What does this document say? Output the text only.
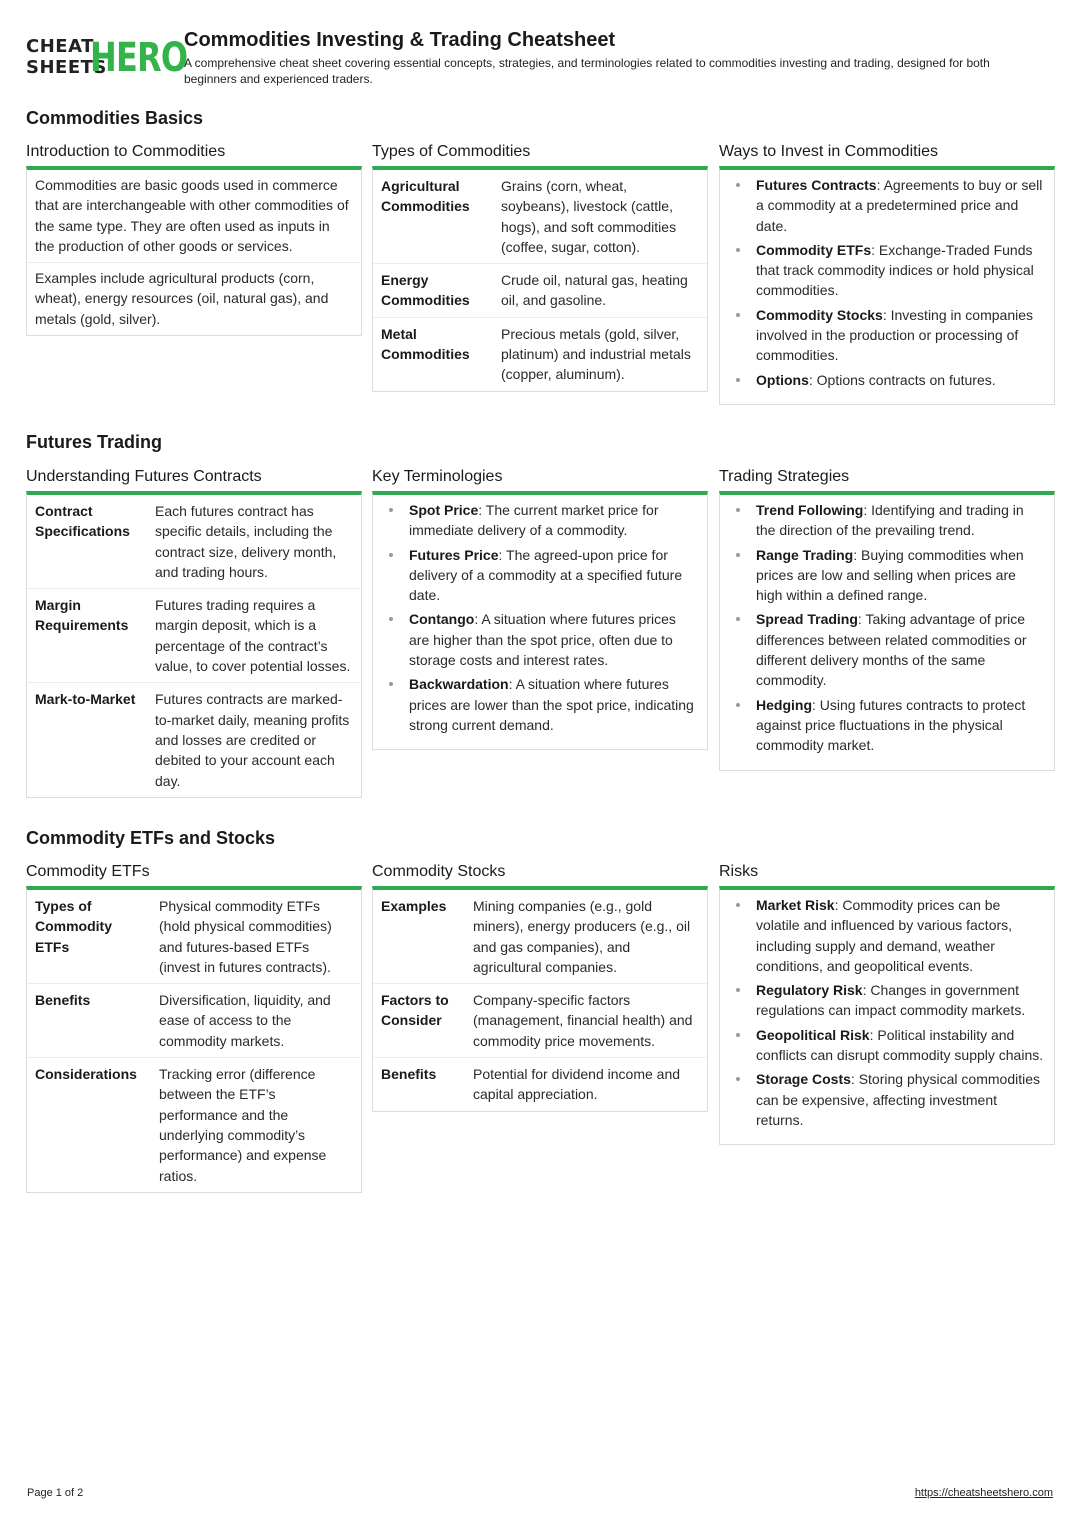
CHEAT
SHEETS
HERO
Commodities Investing & Trading Cheatsheet
A comprehensive cheat sheet covering essential concepts, strategies, and terminologies related to commodities investing and trading, designed for both beginners and experienced traders.
Commodities Basics
Introduction to Commodities
Commodities are basic goods used in commerce that are interchangeable with other commodities of the same type. They are often used as inputs in the production of other goods or services.
Examples include agricultural products (corn, wheat), energy resources (oil, natural gas), and metals (gold, silver).
Types of Commodities
Agricultural Commodities	Grains (corn, wheat, soybeans), livestock (cattle, hogs), and soft commodities (coffee, sugar, cotton).
Energy Commodities	Crude oil, natural gas, heating oil, and gasoline.
Metal Commodities	Precious metals (gold, silver, platinum) and industrial metals (copper, aluminum).
Ways to Invest in Commodities
Futures Contracts: Agreements to buy or sell a commodity at a predetermined price and date.
Commodity ETFs: Exchange-Traded Funds that track commodity indices or hold physical commodities.
Commodity Stocks: Investing in companies involved in the production or processing of commodities.
Options: Options contracts on futures.
Futures Trading
Understanding Futures Contracts
Contract Specifications	Each futures contract has specific details, including the contract size, delivery month, and trading hours.
Margin Requirements	Futures trading requires a margin deposit, which is a percentage of the contract’s value, to cover potential losses.
Mark-to-Market	Futures contracts are marked-to-market daily, meaning profits and losses are credited or debited to your account each day.
Key Terminologies
Spot Price: The current market price for immediate delivery of a commodity.
Futures Price: The agreed-upon price for delivery of a commodity at a specified future date.
Contango: A situation where futures prices are higher than the spot price, often due to storage costs and interest rates.
Backwardation: A situation where futures prices are lower than the spot price, indicating strong current demand.
Trading Strategies
Trend Following: Identifying and trading in the direction of the prevailing trend.
Range Trading: Buying commodities when prices are low and selling when prices are high within a defined range.
Spread Trading: Taking advantage of price differences between related commodities or different delivery months of the same commodity.
Hedging: Using futures contracts to protect against price fluctuations in the physical commodity market.
Commodity ETFs and Stocks
Commodity ETFs
Types of Commodity ETFs	Physical commodity ETFs (hold physical commodities) and futures-based ETFs (invest in futures contracts).
Benefits	Diversification, liquidity, and ease of access to the commodity markets.
Considerations	Tracking error (difference between the ETF’s performance and the underlying commodity’s performance) and expense ratios.
Commodity Stocks
Examples	Mining companies (e.g., gold miners), energy producers (e.g., oil and gas companies), and agricultural companies.
Factors to Consider	Company-specific factors (management, financial health) and commodity price movements.
Benefits	Potential for dividend income and capital appreciation.
Risks
Market Risk: Commodity prices can be volatile and influenced by various factors, including supply and demand, weather conditions, and geopolitical events.
Regulatory Risk: Changes in government regulations can impact commodity markets.
Geopolitical Risk: Political instability and conflicts can disrupt commodity supply chains.
Storage Costs: Storing physical commodities can be expensive, affecting investment returns.
Page 1 of 2	https://cheatsheetshero.com
